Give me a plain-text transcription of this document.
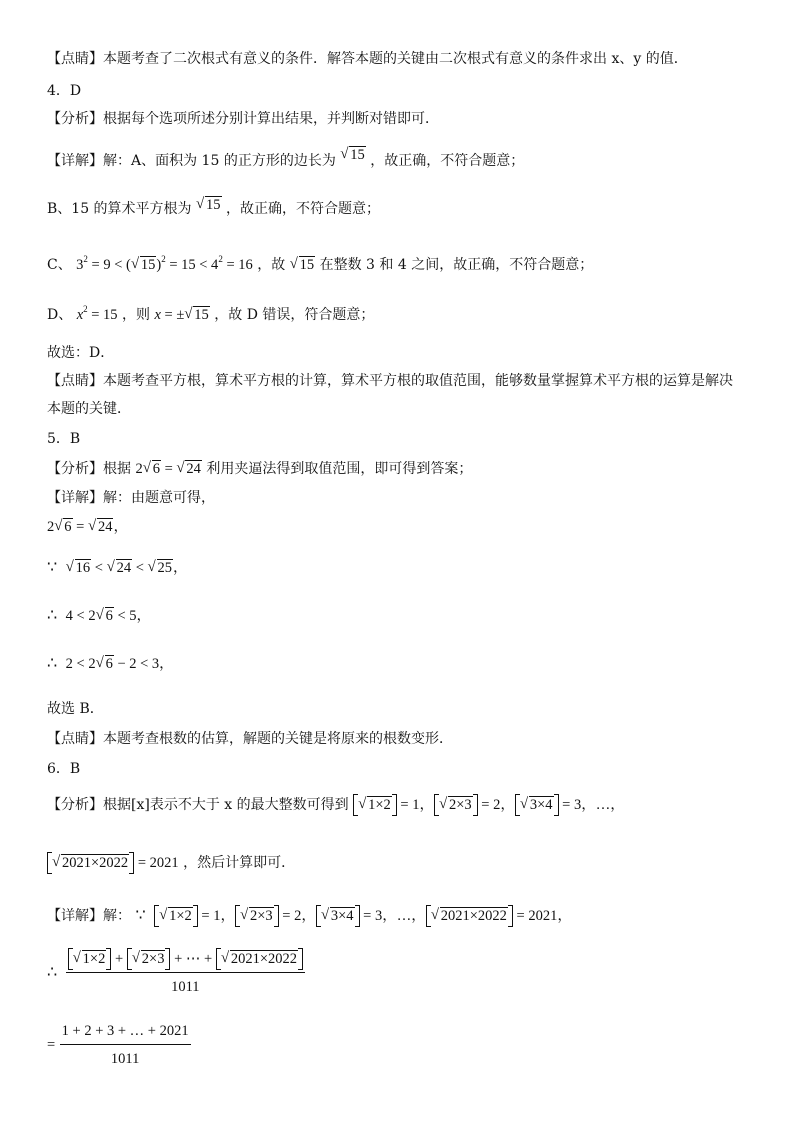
【点睛】本题考查了二次根式有意义的条件．解答本题的关键由二次根式有意义的条件求出 x、y 的值．
4．D
【分析】根据每个选项所述分别计算出结果，并判断对错即可．
【详解】解：A、面积为 15 的正方形的边长为 √ 15 ，故正确，不符合题意；
B、15 的算术平方根为 √ 15 ，故正确，不符合题意；
C、 $3^2 = 9$ < ( √ $15)^2 = 15 < 4^2 = 16$ ，故 √ 15 在整数 3 和 4 之间，故正确，不符合题意；
D、 $x^2 = 15$ ，则 x = ± √ 15 ，故 D 错误，符合题意；
故选：D．
【点睛】本题考查平方根，算术平方根的计算，算术平方根的取值范围，能够数量掌握算术平方根的运算是解决
本题的关键．
5．B
【分析】根据 2 √ 6 = √ 24 利用夹逼法得到取值范围，即可得到答案；
【详解】解：由题意可得，
2 √ 6 = √ 24，
∵ √ 16 < √ 24 < √ 25，
∴ 4 < 2 √ 6 < 5，
∴ 2 < 2 √ 6 − 2 < 3，
故选 B．
【点睛】本题考查根数的估算，解题的关键是将原来的根数变形．
6．B
【分析】根据[x]表示不大于 x 的最大整数可得到 √ 1×2 = 1， √ 2×3 = 2， √ 3×4 = 3，…，
√ 2021×2022 = 2021 ，然后计算即可．
【详解】解： ∵ √ 1×2 = 1， √ 2×3 = 2， √ 3×4 = 3，…， √ 2021×2022 = 2021，
∴ √ $\frac{1\times 2 + √ 2\times 3 + \cdots + √ 2021\times 2022}{1011}$
= $\frac{1 + 2 + 3 + \dots + 2021}{1011}$
